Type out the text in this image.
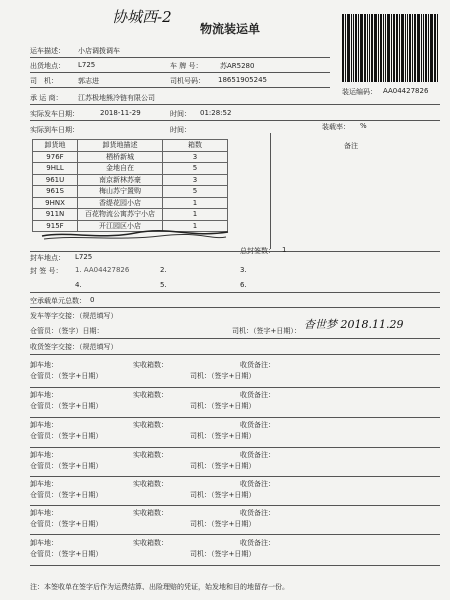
协城西-2
物流装运单
运车描述： 小店调拨调车
出货地点： L725	车 牌 号：	苏AR5280
司　机：	郭志进	司机号码： 18651905245
承 运 商： 江苏极地熊冷链有限公司
装运编码： AA04427826
实际发车日期：	2018-11-29	时间： 01:28:52
实际到车日期：	时间：	装载率： %
卸货地	卸货地描述	箱数
976F	栖桥新城	3
9HLL	金地自在	5
961U	南京新林苏豪	3
961S	梅山苏宁置购	5
9HNX	香缇花园小店	1
911N	百花物流公寓苏宁小店	1
915F	开江园区小店	1
备注
封车地点： L725
总封签数： 1
封 签 号： 1. AA04427826	2.	3.
4.	5.	6.
空承载单元总数： 0
发车等字交接：（规范填写）
仓管员：（签字）日期：	司机：（签字+日期）： 杳世梦 2018.11.29
收货签字交接：（规范填写）
卸车地：	实收箱数：	收货备注：
仓管员：（签字+日期）	司机：（签字+日期）
卸车地：	实收箱数：	收货备注：
仓管员：（签字+日期）	司机：（签字+日期）
卸车地：	实收箱数：	收货备注：
仓管员：（签字+日期）	司机：（签字+日期）
卸车地：	实收箱数：	收货备注：
仓管员：（签字+日期）	司机：（签字+日期）
卸车地：	实收箱数：	收货备注：
仓管员：（签字+日期）	司机：（签字+日期）
卸车地：	实收箱数：	收货备注：
仓管员：（签字+日期）	司机：（签字+日期）
卸车地：	实收箱数：	收货备注：
仓管员：（签字+日期）	司机：（签字+日期）
注：本签收单在签字后作为运费结算、出险理赔的凭证，始发地和目的地留存一份。
